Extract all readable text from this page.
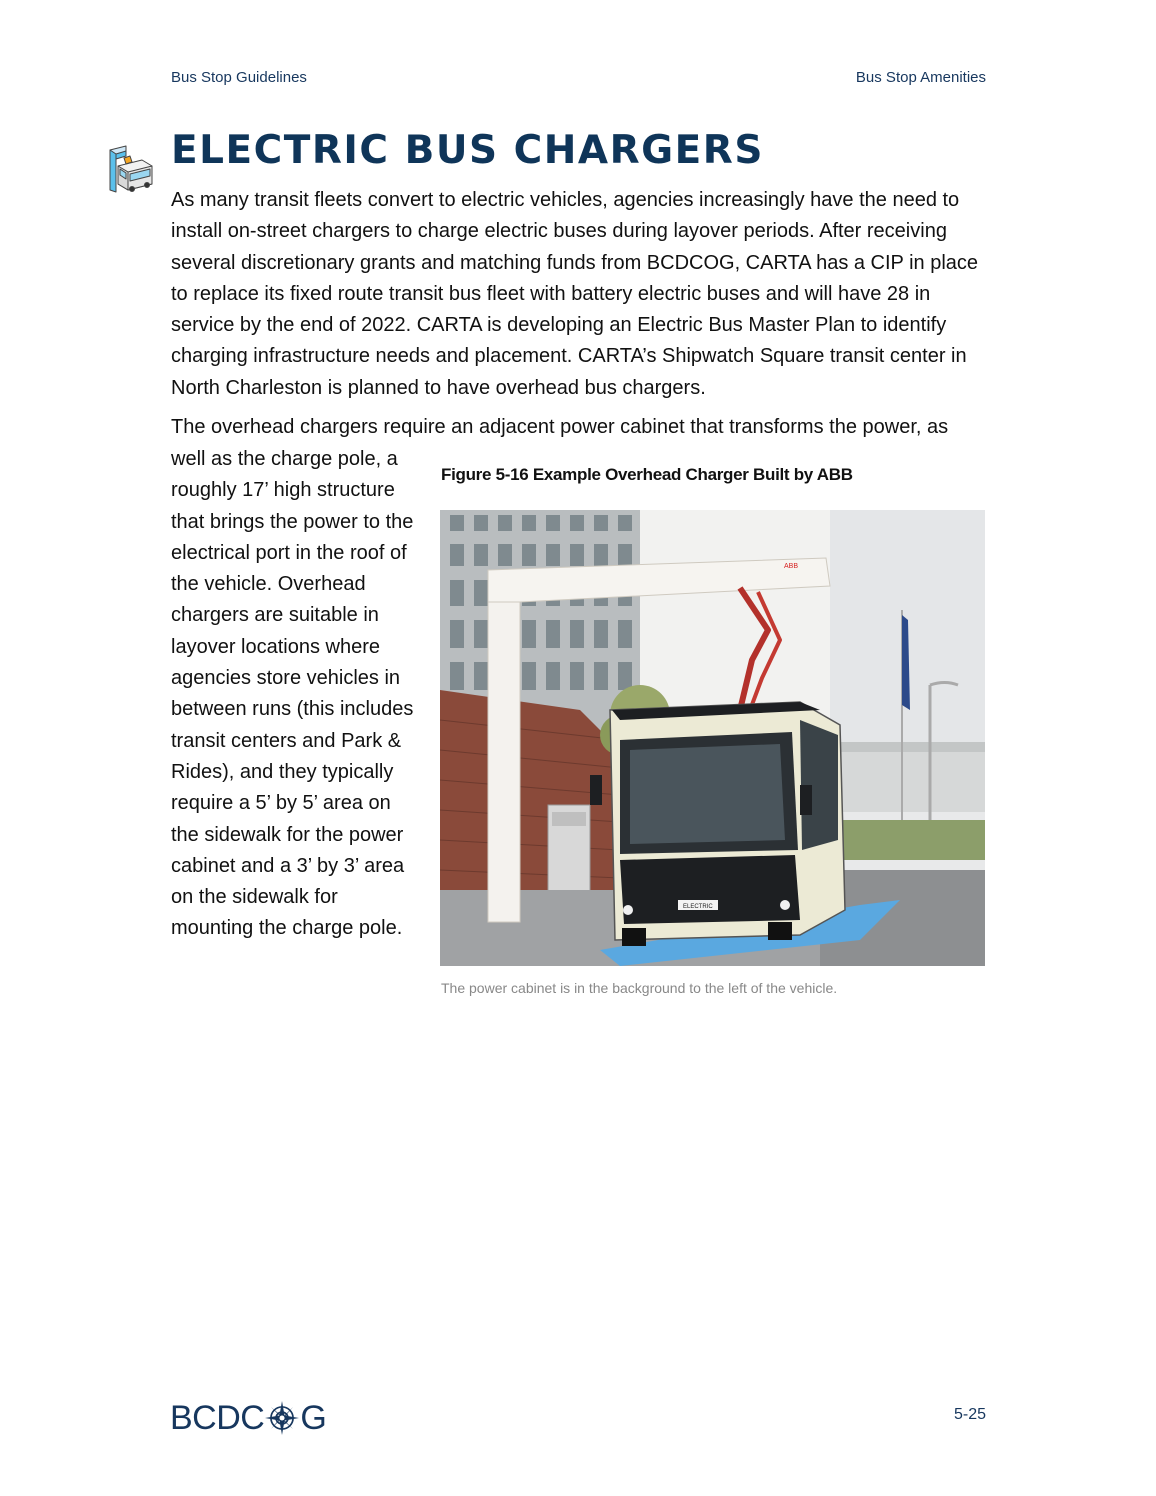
Bus Stop Guidelines	Bus Stop Amenities
ELECTRIC BUS CHARGERS

As many transit fleets convert to electric vehicles, agencies increasingly have the need to install on-street chargers to charge electric buses during layover periods. After receiving several discretionary grants and matching funds from BCDCOG, CARTA has a CIP in place to replace its fixed route transit bus fleet with battery electric buses and will have 28 in service by the end of 2022. CARTA is developing an Electric Bus Master Plan to identify charging infrastructure needs and placement. CARTA’s Shipwatch Square transit center in North Charleston is planned to have overhead bus chargers.

The overhead chargers require an adjacent power cabinet that transforms the power, as

well as the charge pole, a roughly 17’ high structure that brings the power to the electrical port in the roof of the vehicle. Overhead chargers are suitable in layover locations where agencies store vehicles in between runs (this includes transit centers and Park & Rides), and they typically require a 5’ by 5’ area on the sidewalk for the power cabinet and a 3’ by 3’ area on the sidewalk for mounting the charge pole.

Figure 5-16 Example Overhead Charger Built by ABB

ABB
ELECTRIC

The power cabinet is in the background to the left of the vehicle.

BCDC G	5-25
